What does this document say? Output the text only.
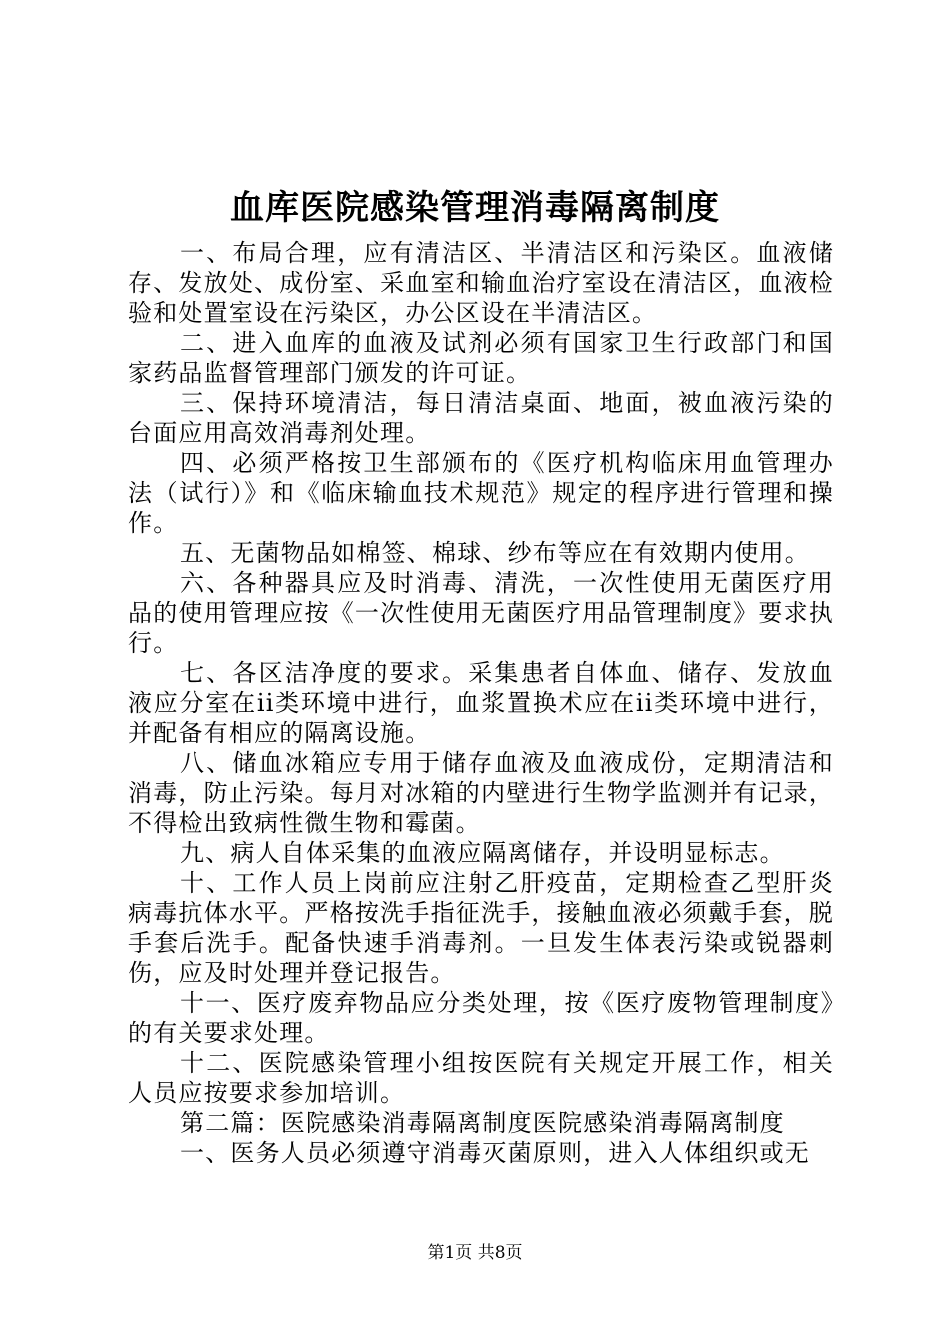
血库医院感染管理消毒隔离制度

一、布局合理，应有清洁区、半清洁区和污染区。血液储存、发放处、成份室、采血室和输血治疗室设在清洁区，血液检验和处置室设在污染区，办公区设在半清洁区。

二、进入血库的血液及试剂必须有国家卫生行政部门和国家药品监督管理部门颁发的许可证。

三、保持环境清洁，每日清洁桌面、地面，被血液污染的台面应用高效消毒剂处理。

四、必须严格按卫生部颁布的《医疗机构临床用血管理办法（试行）》和《临床输血技术规范》规定的程序进行管理和操作。

五、无菌物品如棉签、棉球、纱布等应在有效期内使用。

六、各种器具应及时消毒、清洗，一次性使用无菌医疗用品的使用管理应按《一次性使用无菌医疗用品管理制度》要求执行。

七、各区洁净度的要求。采集患者自体血、储存、发放血液应分室在ii类环境中进行，血浆置换术应在ii类环境中进行，并配备有相应的隔离设施。

八、储血冰箱应专用于储存血液及血液成份，定期清洁和消毒，防止污染。每月对冰箱的内壁进行生物学监测并有记录，不得检出致病性微生物和霉菌。

九、病人自体采集的血液应隔离储存，并设明显标志。

十、工作人员上岗前应注射乙肝疫苗，定期检查乙型肝炎病毒抗体水平。严格按洗手指征洗手，接触血液必须戴手套，脱手套后洗手。配备快速手消毒剂。一旦发生体表污染或锐器刺伤，应及时处理并登记报告。

十一、医疗废弃物品应分类处理，按《医疗废物管理制度》的有关要求处理。

十二、医院感染管理小组按医院有关规定开展工作，相关人员应按要求参加培训。

第二篇：医院感染消毒隔离制度医院感染消毒隔离制度

一、医务人员必须遵守消毒灭菌原则，进入人体组织或无

第1页 共8页
